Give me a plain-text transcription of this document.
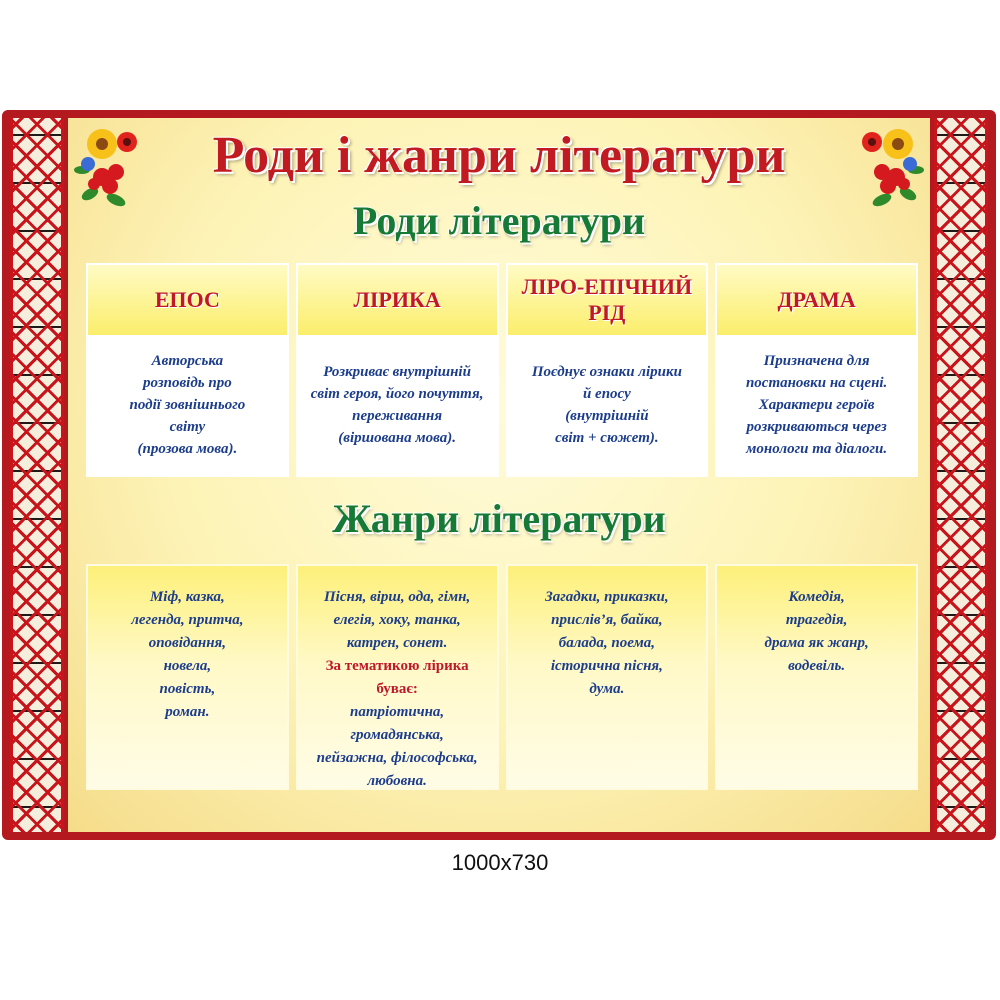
Роди і жанри літератури
Роди літератури
ЕПОС
Авторська
розповідь про
події зовнішнього
світу
(прозова мова).
ЛІРИКА
Розкриває внутрішній
світ героя, його почуття,
переживання
(віршована мова).
ЛІРО-ЕПІЧНИЙ РІД
Поєднує ознаки лірики
й епосу
(внутрішній
світ + сюжет).
ДРАМА
Призначена для
постановки на сцені.
Характери героїв
розкриваються через
монологи та діалоги.
Жанри літератури
Міф, казка,
легенда, притча,
оповідання,
новела,
повість,
роман.
Пісня, вірш, ода, гімн,
елегія, хоку, танка,
катрен, сонет.
За тематикою лірика
буває:
патріотична,
громадянська,
пейзажна, філософська,
любовна.
Загадки, приказки,
прислів’я, байка,
балада, поема,
історична пісня,
дума.
Комедія,
трагедія,
драма як жанр,
водевіль.
1000x730
